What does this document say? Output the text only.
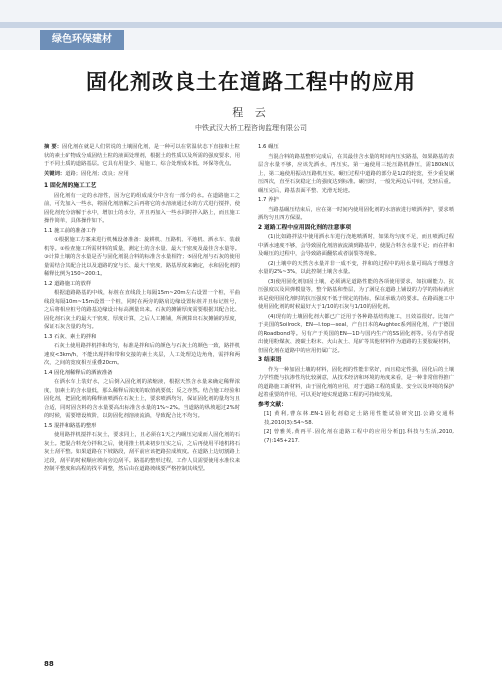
绿色环保建材
固化剂改良土在道路工程中的应用
程 云
中铁武汉大桥工程咨询监理有限公司

摘 要：固化剂在就是人们常说的土壤固化剂，是一种可以在常温状态下直接和土粒状的素土矿物成分成固结土粒的液面处理剂，根据土的性质以及所需的强度要求，用于不同土质的道路基层。它具有用量少、易施工、综合处理成本低、环保等优点。

关键词：道路；固化剂；改良；应用

1 固化剂的施工工艺

固化剂有一定的水溶性，因为它的组成成分中含有一部分的水。在道路施工之前，可先加入一些水，将固化剂溶解之后再将它的水溶液通过水的方式进行搅拌，使固化剂充分溶解于水中，增加土的水分，并且再加入一些水同时拌入路上，而且施工操作简单，具体操作如下。

1.1 施工前的准备工作

①根据施工方案来进行机械设备准备：旋耕机、压路机、平地机、洒水车、装载机等。②检查施工所需材料的质量，测定土的含水量、最大干密度及最佳含水量等。③计算土壤的含水量是否与固化剂混合料的标准含水量相符；⑤固化剂与石灰的使用量需结合其配合比以及道路的宽与长、最大干密度、路基厚度来确定，水和固化剂的稀释比例为150~200:1。

1.2 道路施工的放样

根据道路路基的中线，标桩在直线段上每隔15m~20m左右设置一个桩，平曲线段每隔10m~15m设置一个桩，同时在两旁的路肩边缘设置标桩并且标记桩号，之后将相应桩号的路基边缘设计标高测量出来。石灰的摊铺厚度需要根据其配合比、固化剂石灰土的最大干密度、厚度计算，之后人工摊铺，所测算出石灰摊铺的厚度，保证石灰含量的均匀。

1.3 石灰、素土的拌和

石灰土使用路拌机拌和均匀，标准是拌和后的颜色与石灰土的颜色一致，路拌机速度<3km/h，不能出现拌和带和交接的素土夹层，人工处理边边角角，需拌和两次，之间的宽度相互重叠20cm。

1.4 固化剂稀释后的洒液准备

在洒水车上装好水，之后倒入固化剂的浓缩液，根据天然含水量来确定稀释浓度，加素土的含水量低，那么稀释后浓度的取值就要低；反之亦然。结合施工经验和固化剂，把固化剂的稀释液喷洒在石灰土上，要求喷洒均匀，保证固化剂的量均匀且合适，同时固含料的含水量要高出标准含水量的1%~2%。当道路的纵坡超过2%时的时候，需要增设坡阶，以防固化剂溶液流淌，导致配合比不均匀。

1.5 混拌和路基的整形

使用路拌机搅拌石灰土，要求同上，且必须在1天之内碾压完成而人固化剂的石灰土。把混合料充分拌和之后，使用推土机来初步压实之后，之后再使用平地机将石灰土刮平整。如果道路在下坡路段，刮平前应该把路拉成坡度。在道路上边切割路上过段，刮平的时候顺应坡向旁边刮平。路基的整形过程，工作人员需要使用水准仪来控制平整度和高程的找平调整，然后由在道路坡线要严格控制其线型。

1.6 碾压

当混合料的路基整形完成后，在其最佳含水量的时间内压实路基，如果路基的表层含水量不够，应该先洒水，再压实。第一遍使用三轮压路机静压，需180kN以上，第二遍使用振动压路机压实。碾压过程中道路的部分是1/2的轮宽，至少重复碾压四次，直至石灰稳定土的强度达到标准。碾压时，一般先两边后中间，先轻后重。碾压完后，路基表面平整、光滑无轮迹。

1.7 养护

当路基碾压结束后，应在第一时间内使用固化剂的水溶液进行喷洒养护，要求喷洒均匀且四方保湿。

2 道路工程中应用固化剂的注意事项

(1)比如路拌法中使用洒水车进行浇地喷洒时，如果均匀度不足，而且喷洒过程中洒水速度不够，会导致固化剂溶液流淌到路基中，使混合料含水量不足；而在拌和及碾压的过程中，会导致路面翻浆或者崩裂等现象。

(2)土壤中的天然含水量并非一成不变，拌和的过程中的用水量可调高于理想含水量的2%~3%，以此控制土壤含水量。

(3)使用固化剂加固土壤，必须满足道路性能的各项使用要求，如抗碾能力、抗压强度以及回弹模量等，整个路基和垫层，为了满足在道路上铺设的力学的指标就应该是使用固化剂时的抗压强度不低于规定的指标，保证承载力的要求。在路面施工中使用固化剂的时候最好大于1/10的石灰与1/10的固化剂。

(4)现有的土壤固化剂大都已广泛用于各种路基结构施工，且效益很好。比如产于美国的Soilrock，EN—I.top—seal，产自日本的Aughtec系列固化剂，产于德国的Roadbond等。另有产于英国的EN—1D与国内生产的SS固化剂等。另有学者提出使用粉煤灰、渡碳土粉末、火山灰土、尾矿等其他材料作为道路的主要胶凝材料，但固化剂在道路中的应用仍属广泛。

3 结束语

作为一种加固土壤的材料，固化剂的性能非常好，而且稳定性强，固化后的土壤力学性能与抗渗性均比较满意，从技术经济和环境的角度来看，是一种非常值得推广的道路施工新材料，由于固化剂的应用，对于道路工程的质量、安全以及环境的保护起着重要的作用，可以更好地实现道路工程的可持续发展。

参考文献：

[1] 黄利,曹东林.EN-1固化剂稳定土路用性能试验研究[J].公路交通科技,2010(3):54~58.

[2] 曾雅英,黄再平.固化剂在道路工程中的应用分析[J].科技与生活,2010,(7):145+217.

88
